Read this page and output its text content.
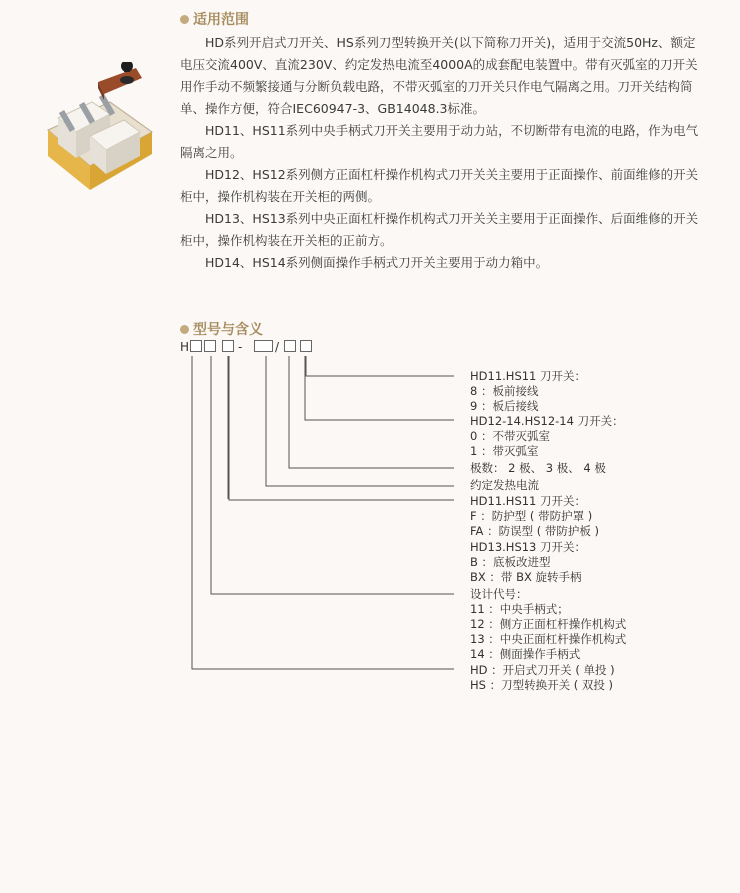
适用范围

HD系列开启式刀开关、HS系列刀型转换开关(以下简称刀开关)，适用于交流50Hz、额定电压交流400V、直流230V、约定发热电流至4000A的成套配电装置中。带有灭弧室的刀开关用作手动不频繁接通与分断负载电路，不带灭弧室的刀开关只作电气隔离之用。刀开关结构简单、操作方便，符合IEC60947-3、GB14048.3标准。

HD11、HS11系列中央手柄式刀开关主要用于动力站，不切断带有电流的电路，作为电气隔离之用。

HD12、HS12系列侧方正面杠杆操作机构式刀开关关主要用于正面操作、前面维修的开关柜中，操作机构装在开关柜的两侧。

HD13、HS13系列中央正面杠杆操作机构式刀开关关主要用于正面操作、后面维修的开关柜中，操作机构装在开关柜的正前方。

HD14、HS14系列侧面操作手柄式刀开关主要用于动力箱中。

型号与含义
H	-	/
HD11.HS11 刀开关：
8 ：板前接线
9 ：板后接线
HD12-14.HS12-14 刀开关：
0 ：不带灭弧室
1 ：带灭弧室
极数： 2 极、 3 极、 4 极
约定发热电流
HD11.HS11 刀开关：
F ：防护型 ( 带防护罩 )
FA ：防误型 ( 带防护板 )
HD13.HS13 刀开关：
B ：底板改进型
BX ：带 BX 旋转手柄
设计代号：
11 ：中央手柄式；
12 ：侧方正面杠杆操作机构式
13 ：中央正面杠杆操作机构式
14 ：侧面操作手柄式
HD ：开启式刀开关 ( 单投 )
HS ：刀型转换开关 ( 双投 )
